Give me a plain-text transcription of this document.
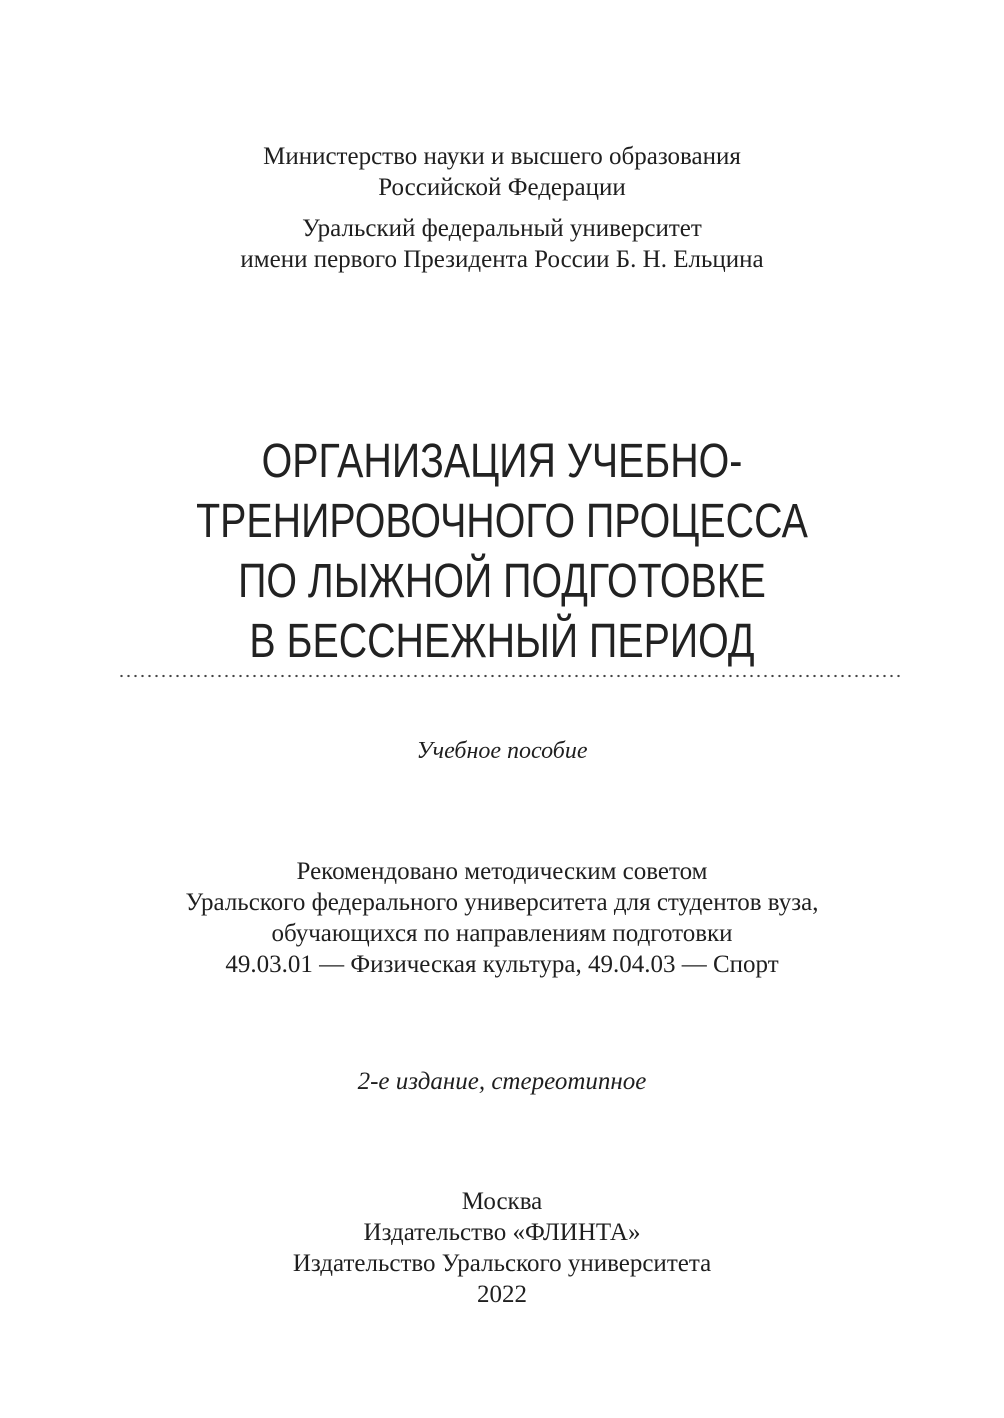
Министерство науки и высшего образования
Российской Федерации
Уральский федеральный университет
имени первого Президента России Б. Н. Ельцина
ОРГАНИЗАЦИЯ УЧЕБНО-
ТРЕНИРОВОЧНОГО ПРОЦЕССА
ПО ЛЫЖНОЙ ПОДГОТОВКЕ
В БЕССНЕЖНЫЙ ПЕРИОД
Учебное пособие
Рекомендовано методическим советом
Уральского федерального университета для студентов вуза,
обучающихся по направлениям подготовки
49.03.01 — Физическая культура, 49.04.03 — Спорт
2-е издание, стереотипное
Москва
Издательство «ФЛИНТА»
Издательство Уральского университета
2022
